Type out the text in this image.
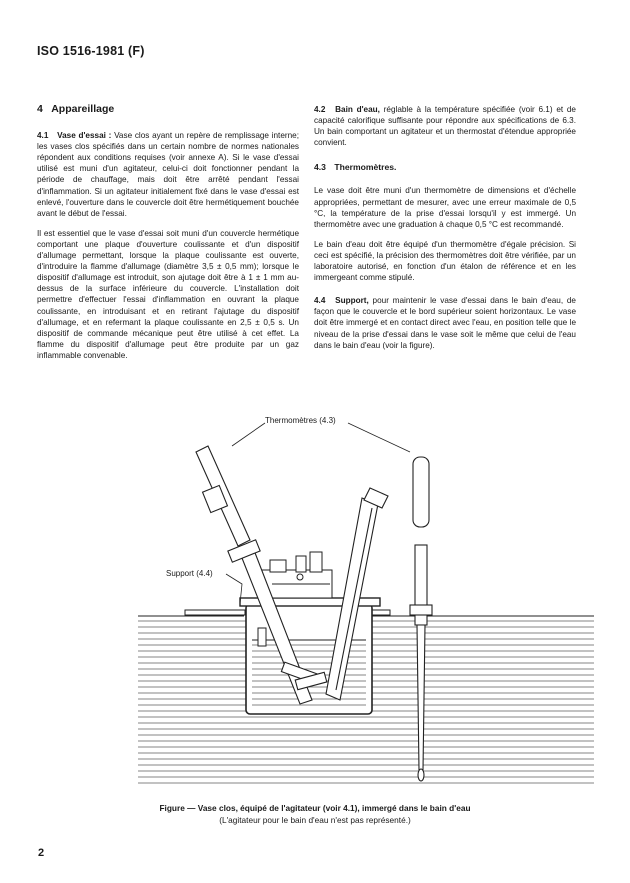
ISO 1516-1981 (F)

4 Appareillage

4.1 Vase d'essai : Vase clos ayant un repère de remplissage interne; les vases clos spécifiés dans un certain nombre de normes nationales répondent aux conditions requises (voir annexe A). Si le vase d'essai utilisé est muni d'un agitateur, celui-ci doit fonctionner pendant la période de chauffage, mais doit être arrêté pendant l'essai d'inflammation. Si un agitateur initialement fixé dans le vase d'essai est enlevé, l'ouverture dans le couvercle doit être hermétiquement bouchée avant le début de l'essai.

Il est essentiel que le vase d'essai soit muni d'un couvercle hermétique comportant une plaque d'ouverture coulissante et d'un dispositif d'allumage permettant, lorsque la plaque coulissante est ouverte, d'introduire la flamme d'allumage (diamètre 3,5 ± 0,5 mm); lorsque le dispositif d'allumage est introduit, son ajutage doit être à 1 ± 1 mm au-dessus de la surface inférieure du couvercle. L'installation doit permettre d'effectuer l'essai d'inflammation en ouvrant la plaque coulissante, en introduisant et en retirant l'ajutage du dispositif d'allumage, et en refermant la plaque coulissante en 2,5 ± 0,5 s. Un dispositif de commande mécanique peut être utilisé à cet effet. La flamme du dispositif d'allumage peut être produite par un gaz inflammable convenable.

4.2 Bain d'eau, réglable à la température spécifiée (voir 6.1) et de capacité calorifique suffisante pour répondre aux spécifications de 6.3. Un bain comportant un agitateur et un thermostat d'étendue appropriée convient.

4.3 Thermomètres.

Le vase doit être muni d'un thermomètre de dimensions et d'échelle appropriées, permettant de mesurer, avec une erreur maximale de 0,5 °C, la température de la prise d'essai lorsqu'il y est immergé. Un thermomètre avec une graduation à chaque 0,5 °C est recommandé.

Le bain d'eau doit être équipé d'un thermomètre d'égale précision. Si ceci est spécifié, la précision des thermomètres doit être vérifiée, par un laboratoire autorisé, en fonction d'un étalon de référence et en les immergeant comme stipulé.

4.4 Support, pour maintenir le vase d'essai dans le bain d'eau, de façon que le couvercle et le bord supérieur soient horizontaux. Le vase doit être immergé et en contact direct avec l'eau, en position telle que le niveau de la prise d'essai dans le vase soit le même que celui de l'eau dans le bain d'eau (voir la figure).

Thermomètres (4.3)
Support (4.4)
Figure — Vase clos, équipé de l'agitateur (voir 4.1), immergé dans le bain d'eau
(L'agitateur pour le bain d'eau n'est pas représenté.)
2
